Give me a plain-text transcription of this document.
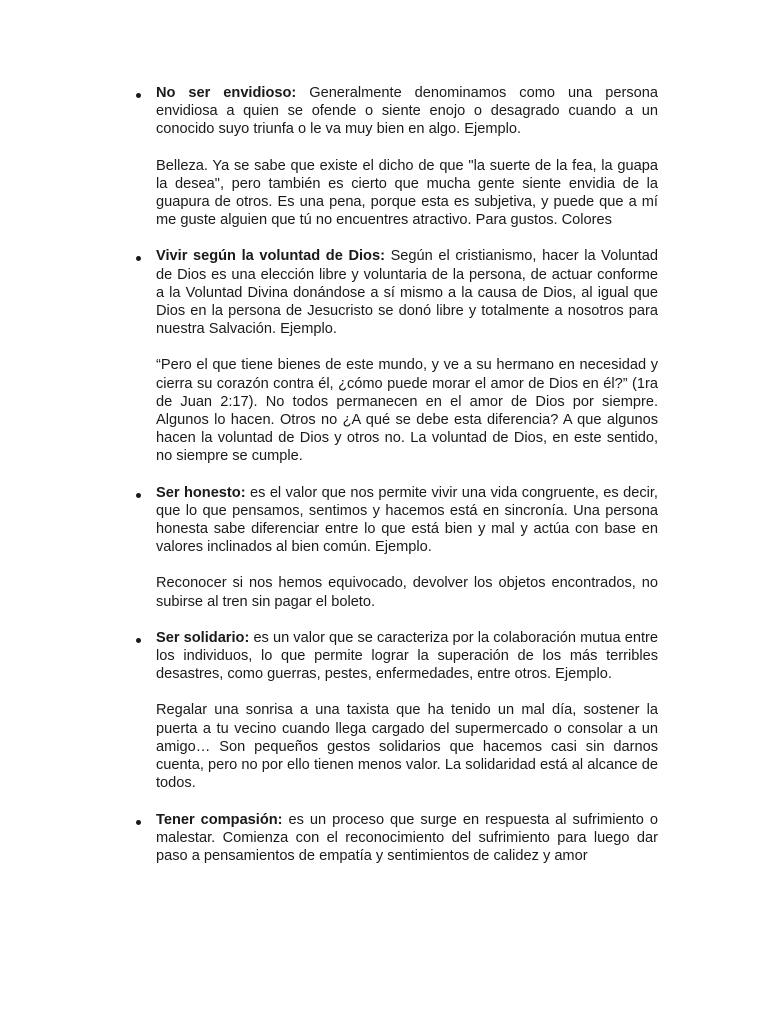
No ser envidioso: Generalmente denominamos como una persona envidiosa a quien se ofende o siente enojo o desagrado cuando a un conocido suyo triunfa o le va muy bien en algo. Ejemplo.

Belleza. Ya se sabe que existe el dicho de que "la suerte de la fea, la guapa la desea", pero también es cierto que mucha gente siente envidia de la guapura de otros. Es una pena, porque esta es subjetiva, y puede que a mí me guste alguien que tú no encuentres atractivo. Para gustos. Colores

Vivir según la voluntad de Dios: Según el cristianismo, hacer la Voluntad de Dios es una elección libre y voluntaria de la persona, de actuar conforme a la Voluntad Divina donándose a sí mismo a la causa de Dios, al igual que Dios en la persona de Jesucristo se donó libre y totalmente a nosotros para nuestra Salvación. Ejemplo.

“Pero el que tiene bienes de este mundo, y ve a su hermano en necesidad y cierra su corazón contra él, ¿cómo puede morar el amor de Dios en él?” (1ra de Juan 2:17). No todos permanecen en el amor de Dios por siempre. Algunos lo hacen. Otros no ¿A qué se debe esta diferencia? A que algunos hacen la voluntad de Dios y otros no. La voluntad de Dios, en este sentido, no siempre se cumple.

Ser honesto: es el valor que nos permite vivir una vida congruente, es decir, que lo que pensamos, sentimos y hacemos está en sincronía. Una persona honesta sabe diferenciar entre lo que está bien y mal y actúa con base en valores inclinados al bien común. Ejemplo.

Reconocer si nos hemos equivocado, devolver los objetos encontrados, no subirse al tren sin pagar el boleto.

Ser solidario: es un valor que se caracteriza por la colaboración mutua entre los individuos, lo que permite lograr la superación de los más terribles desastres, como guerras, pestes, enfermedades, entre otros. Ejemplo.

Regalar una sonrisa a una taxista que ha tenido un mal día, sostener la puerta a tu vecino cuando llega cargado del supermercado o consolar a un amigo… Son pequeños gestos solidarios que hacemos casi sin darnos cuenta, pero no por ello tienen menos valor. La solidaridad está al alcance de todos.

Tener compasión: es un proceso que surge en respuesta al sufrimiento o malestar. Comienza con el reconocimiento del sufrimiento para luego dar paso a pensamientos de empatía y sentimientos de calidez y amor
